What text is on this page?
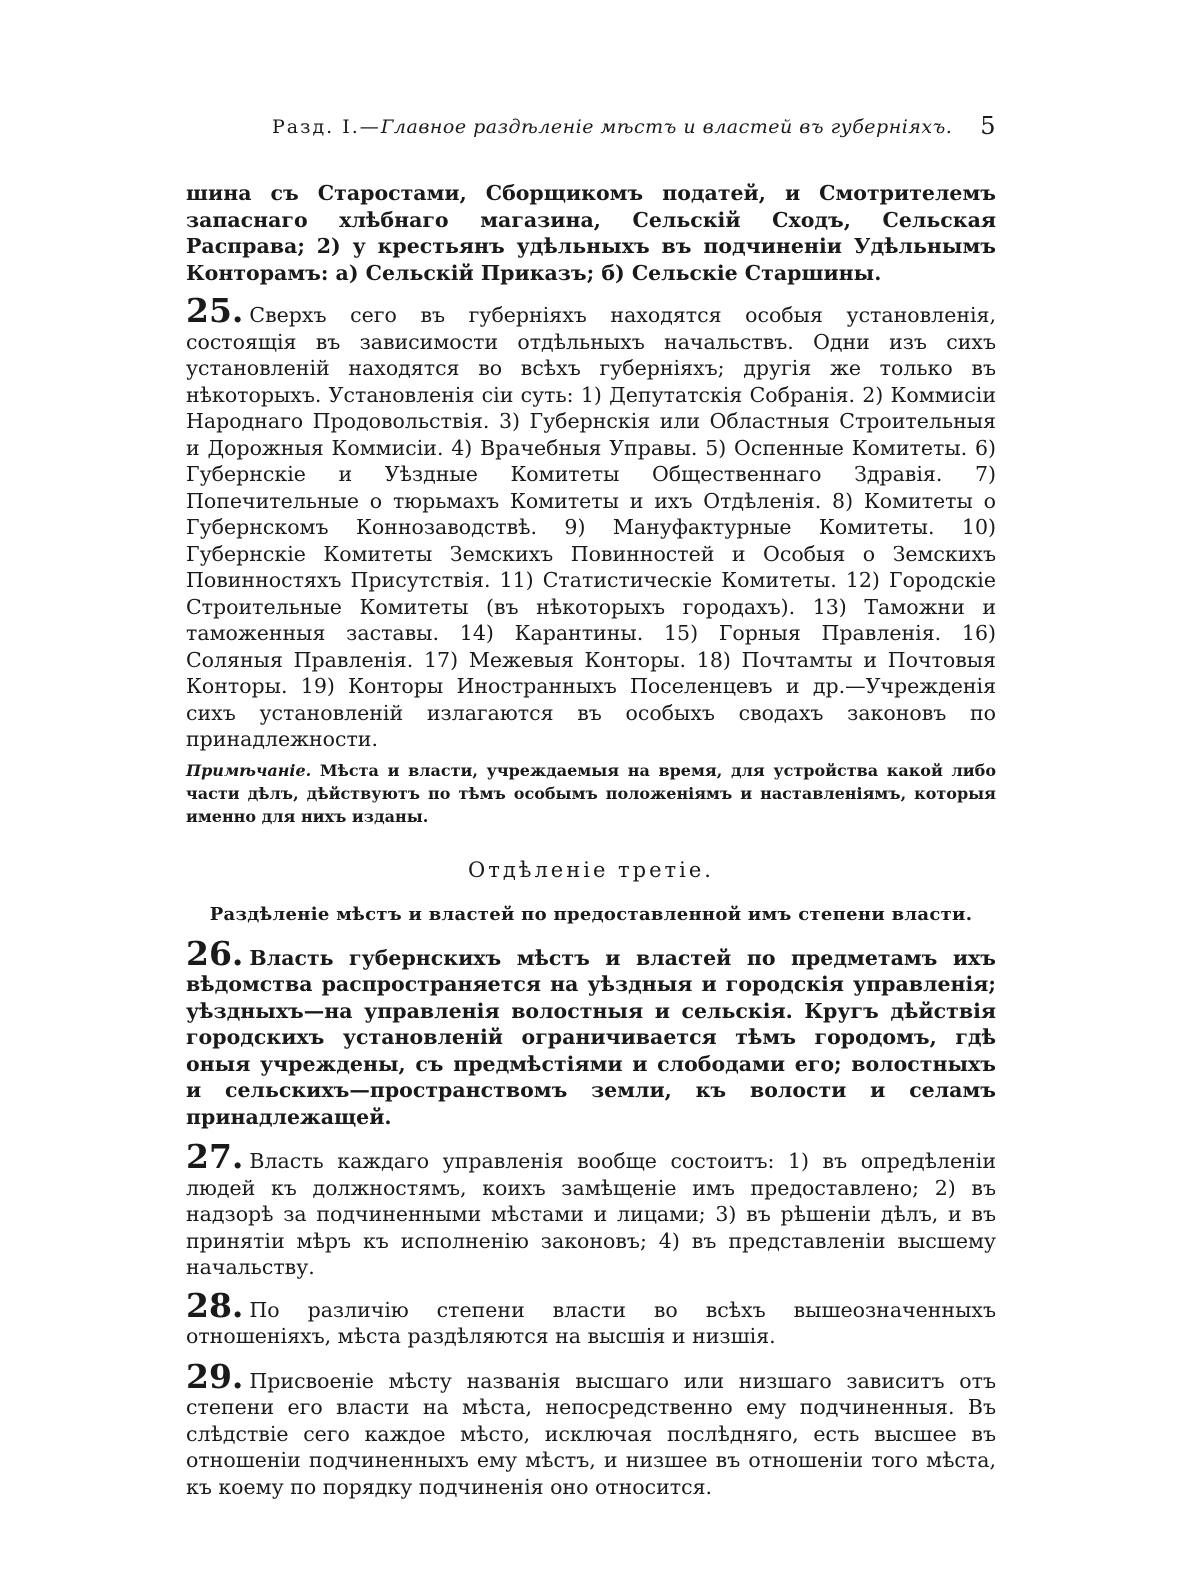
Разд. I.—Главное раздѣленіе мѣстъ и властей въ губерніяхъ. 5

шина съ Старостами, Сборщикомъ податей, и Смотрителемъ запаснаго хлѣбнаго магазина, Сельскій Сходъ, Сельская Расправа; 2) у крестьянъ удѣльныхъ въ подчиненіи Удѣльнымъ Конторамъ: а) Сельскій Приказъ; б) Сельскіе Старшины.

25. Сверхъ сего въ губерніяхъ находятся особыя установленія, состоящія въ зависимости отдѣльныхъ начальствъ. Одни изъ сихъ установленій находятся во всѣхъ губерніяхъ; другія же только въ нѣкоторыхъ. Установленія сіи суть: 1) Депутатскія Собранія. 2) Коммисіи Народнаго Продовольствія. 3) Губернскія или Областныя Строительныя и Дорожныя Коммисіи. 4) Врачебныя Управы. 5) Оспенные Комитеты. 6) Губернскіе и Уѣздные Комитеты Общественнаго Здравія. 7) Попечительные о тюрьмахъ Комитеты и ихъ Отдѣленія. 8) Комитеты о Губернскомъ Коннозаводствѣ. 9) Мануфактурные Комитеты. 10) Губернскіе Комитеты Земскихъ Повинностей и Особыя о Земскихъ Повинностяхъ Присутствія. 11) Статистическіе Комитеты. 12) Городскіе Строительные Комитеты (въ нѣкоторыхъ городахъ). 13) Таможни и таможенныя заставы. 14) Карантины. 15) Горныя Правленія. 16) Соляныя Правленія. 17) Межевыя Конторы. 18) Почтамты и Почтовыя Конторы. 19) Конторы Иностранныхъ Поселенцевъ и др.—Учрежденія сихъ установленій излагаются въ особыхъ сводахъ законовъ по принадлежности.

Примѣчаніе. Мѣста и власти, учреждаемыя на время, для устройства какой либо части дѣлъ, дѣйствуютъ по тѣмъ особымъ положеніямъ и наставленіямъ, которыя именно для нихъ изданы.

Отдѣленіе третіе.
Раздѣленіе мѣстъ и властей по предоставленной имъ степени власти.

26. Власть губернскихъ мѣстъ и властей по предметамъ ихъ вѣдомства распространяется на уѣздныя и городскія управленія; уѣздныхъ—на управленія волостныя и сельскія. Кругъ дѣйствія городскихъ установленій ограничивается тѣмъ городомъ, гдѣ оныя учреждены, съ предмѣстіями и слободами его; волостныхъ и сельскихъ—пространствомъ земли, къ волости и селамъ принадлежащей.

27. Власть каждаго управленія вообще состоитъ: 1) въ опредѣленіи людей къ должностямъ, коихъ замѣщеніе имъ предоставлено; 2) въ надзорѣ за подчиненными мѣстами и лицами; 3) въ рѣшеніи дѣлъ, и въ принятіи мѣръ къ исполненію законовъ; 4) въ представленіи высшему начальству.

28. По различію степени власти во всѣхъ вышеозначенныхъ отношеніяхъ, мѣста раздѣляются на высшія и низшія.

29. Присвоеніе мѣсту названія высшаго или низшаго зависитъ отъ степени его власти на мѣста, непосредственно ему подчиненныя. Въ слѣдствіе сего каждое мѣсто, исключая послѣдняго, есть высшее въ отношеніи подчиненныхъ ему мѣстъ, и низшее въ отношеніи того мѣста, къ коему по порядку подчиненія оно относится.
